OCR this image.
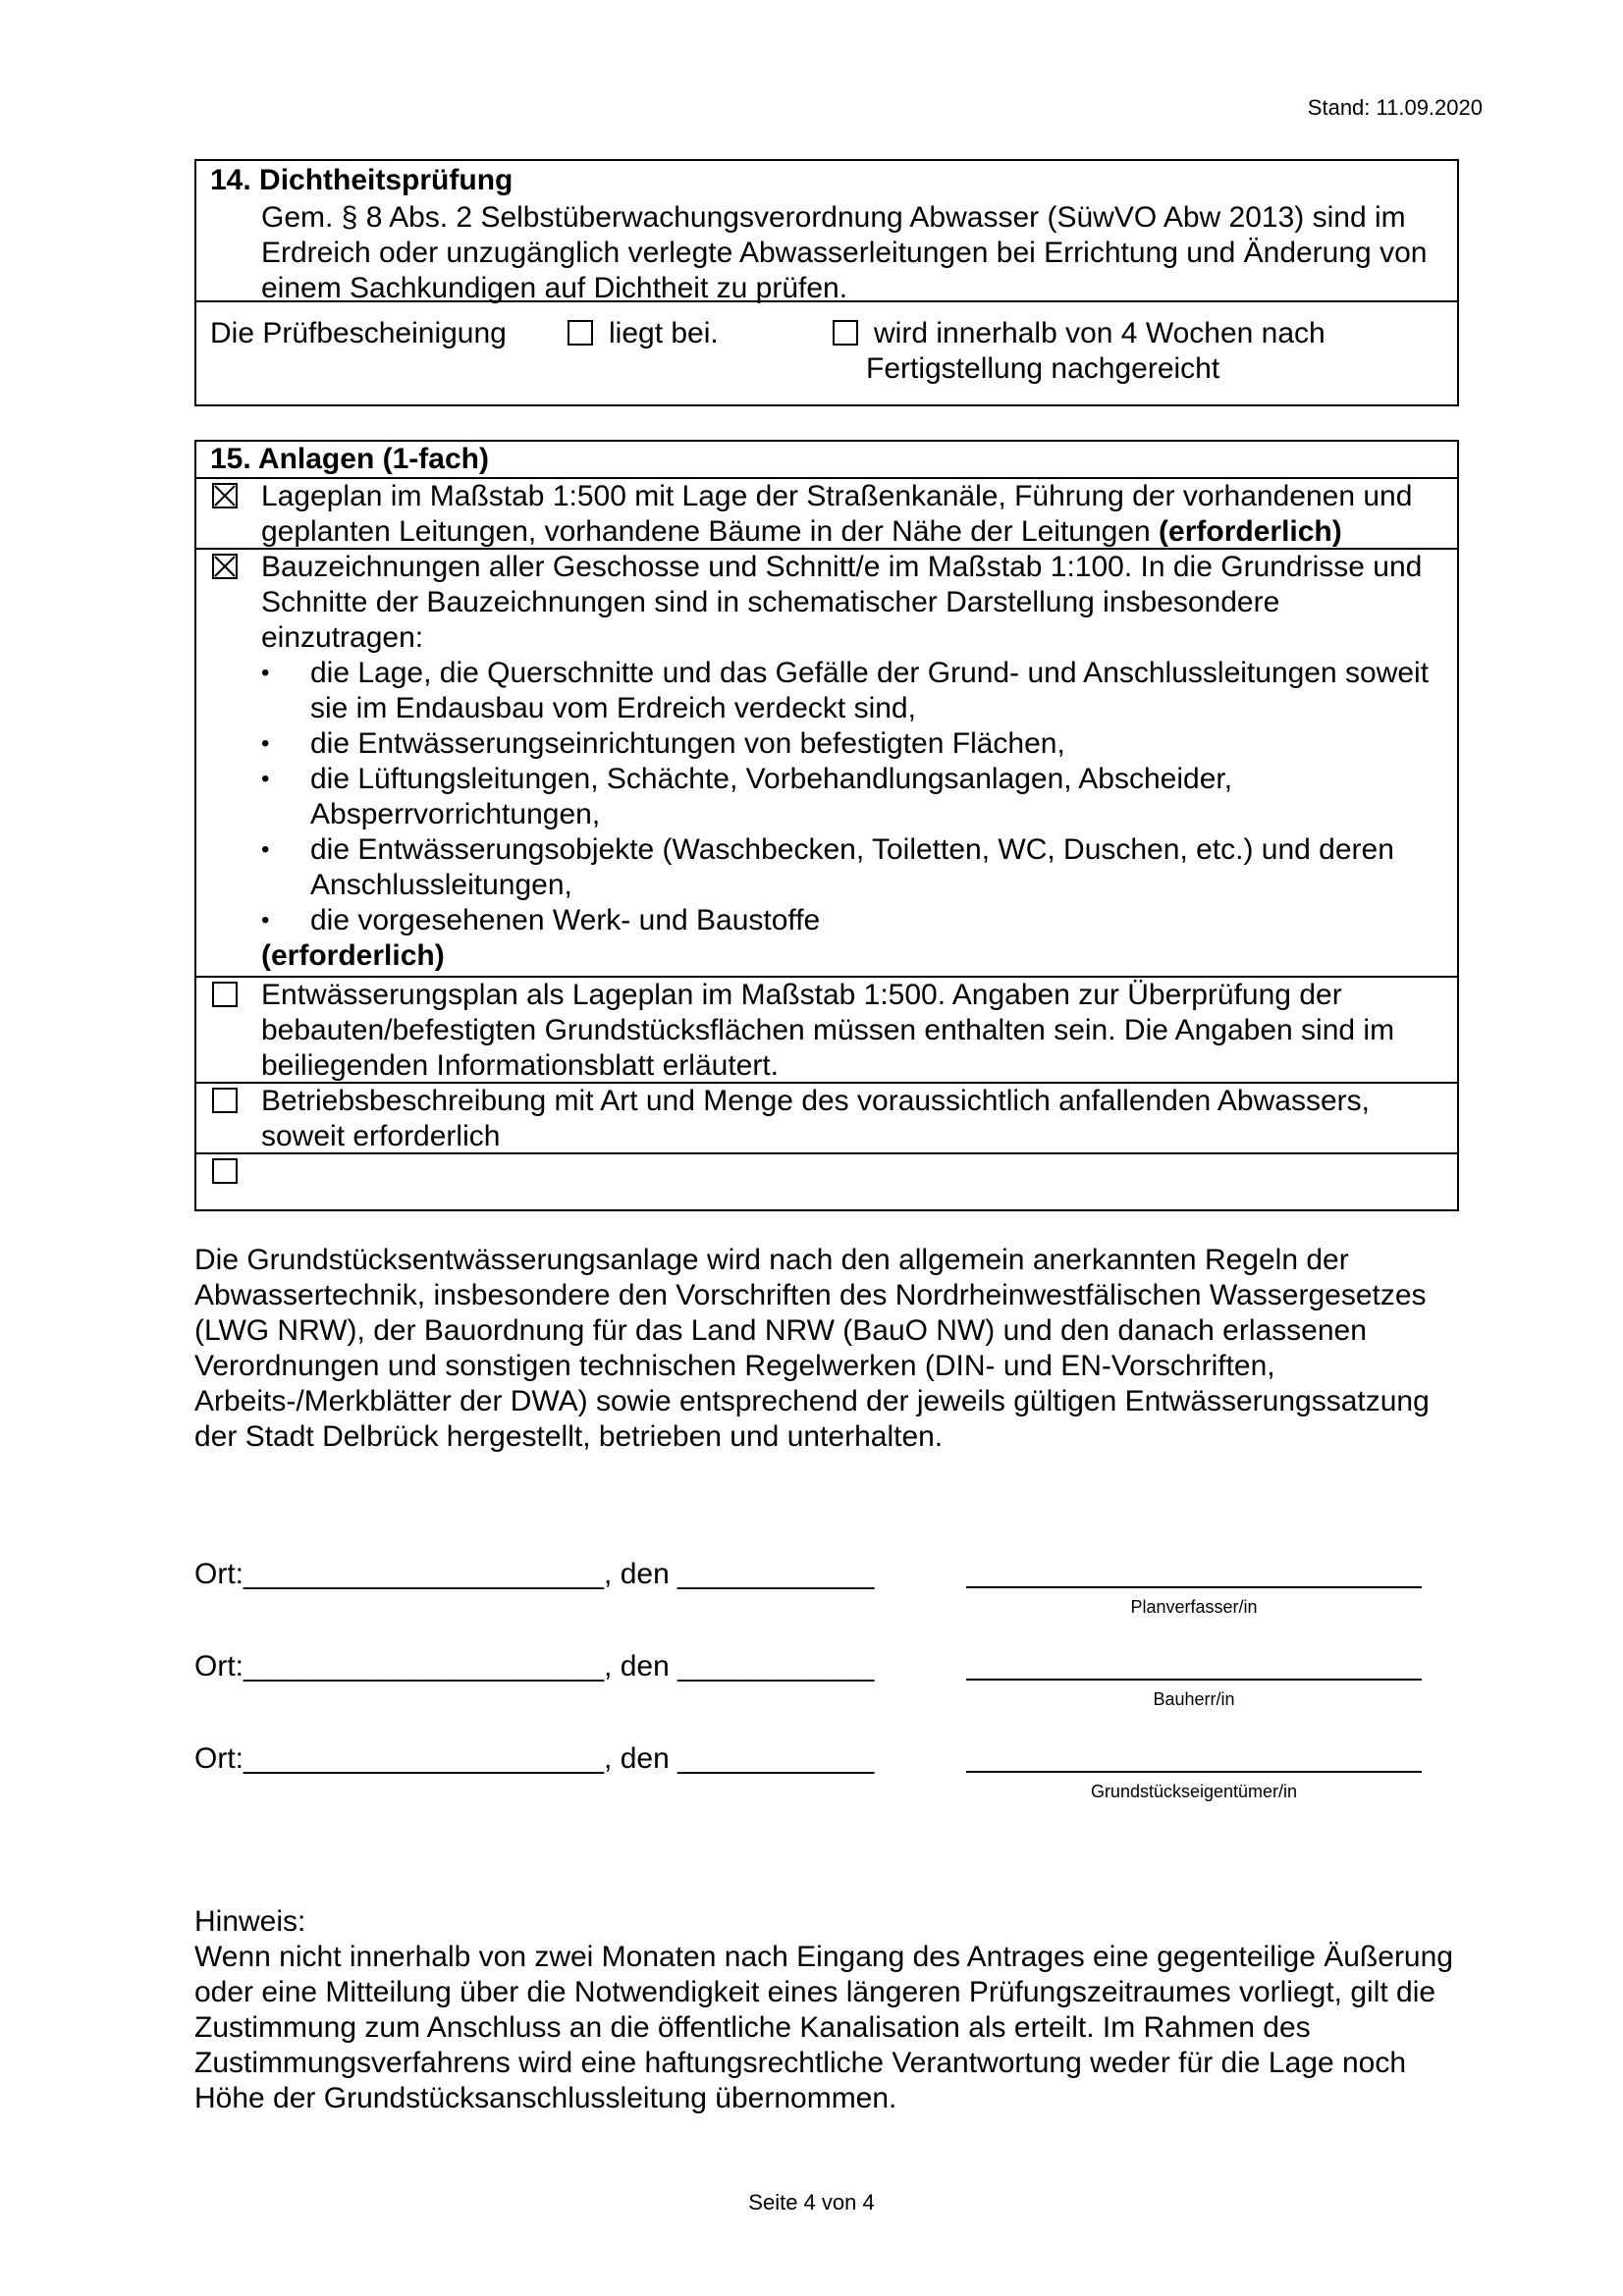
Stand: 11.09.2020
14. Dichtheitsprüfung
Gem. § 8 Abs. 2 Selbstüberwachungsverordnung Abwasser (SüwVO Abw 2013) sind im Erdreich oder unzugänglich verlegte Abwasserleitungen bei Errichtung und Änderung von einem Sachkundigen auf Dichtheit zu prüfen.
Die Prüfbescheinigung	liegt bei.	wird innerhalb von 4 Wochen nach
Fertigstellung nachgereicht
15. Anlagen (1-fach)
Lageplan im Maßstab 1:500 mit Lage der Straßenkanäle, Führung der vorhandenen und geplanten Leitungen, vorhandene Bäume in der Nähe der Leitungen (erforderlich)
Bauzeichnungen aller Geschosse und Schnitt/e im Maßstab 1:100. In die Grundrisse und Schnitte der Bauzeichnungen sind in schematischer Darstellung insbesondere einzutragen:
• die Lage, die Querschnitte und das Gefälle der Grund- und Anschlussleitungen soweit sie im Endausbau vom Erdreich verdeckt sind,
• die Entwässerungseinrichtungen von befestigten Flächen,
• die Lüftungsleitungen, Schächte, Vorbehandlungsanlagen, Abscheider, Absperrvorrichtungen,
• die Entwässerungsobjekte (Waschbecken, Toiletten, WC, Duschen, etc.) und deren Anschlussleitungen,
• die vorgesehenen Werk- und Baustoffe
(erforderlich)
Entwässerungsplan als Lageplan im Maßstab 1:500. Angaben zur Überprüfung der bebauten/befestigten Grundstücksflächen müssen enthalten sein. Die Angaben sind im beiliegenden Informationsblatt erläutert.
Betriebsbeschreibung mit Art und Menge des voraussichtlich anfallenden Abwassers, soweit erforderlich
Die Grundstücksentwässerungsanlage wird nach den allgemein anerkannten Regeln der Abwassertechnik, insbesondere den Vorschriften des Nordrheinwestfälischen Wassergesetzes (LWG NRW), der Bauordnung für das Land NRW (BauO NW) und den danach erlassenen Verordnungen und sonstigen technischen Regelwerken (DIN- und EN-Vorschriften, Arbeits-/Merkblätter der DWA) sowie entsprechend der jeweils gültigen Entwässerungssatzung der Stadt Delbrück hergestellt, betrieben und unterhalten.
Ort:______________________, den ____________
Planverfasser/in
Ort:______________________, den ____________
Bauherr/in
Ort:______________________, den ____________
Grundstückseigentümer/in
Hinweis:
Wenn nicht innerhalb von zwei Monaten nach Eingang des Antrages eine gegenteilige Äußerung oder eine Mitteilung über die Notwendigkeit eines längeren Prüfungszeitraumes vorliegt, gilt die Zustimmung zum Anschluss an die öffentliche Kanalisation als erteilt. Im Rahmen des Zustimmungsverfahrens wird eine haftungsrechtliche Verantwortung weder für die Lage noch Höhe der Grundstücksanschlussleitung übernommen.
Seite 4 von 4
